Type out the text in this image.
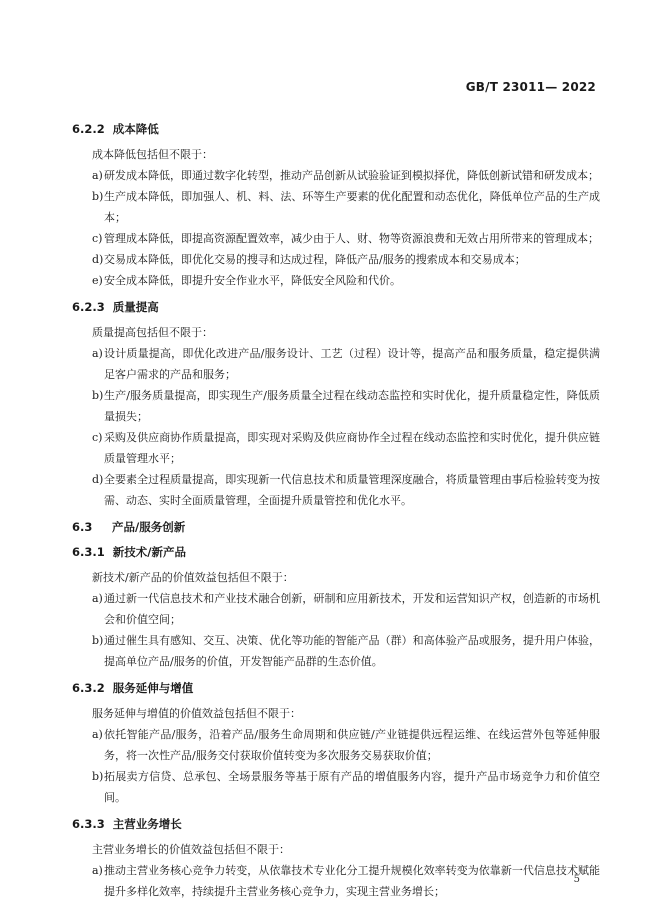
GB/T 23011— 2022

6.2.2 成本降低

成本降低包括但不限于：

a) 研发成本降低，即通过数字化转型，推动产品创新从试验验证到模拟择优，降低创新试错和研发成本；

b) 生产成本降低，即加强人、机、料、法、环等生产要素的优化配置和动态优化，降低单位产品的生产成本；

c) 管理成本降低，即提高资源配置效率，减少由于人、财、物等资源浪费和无效占用所带来的管理成本；

d) 交易成本降低，即优化交易的搜寻和达成过程，降低产品/服务的搜索成本和交易成本；

e) 安全成本降低，即提升安全作业水平，降低安全风险和代价。

6.2.3 质量提高

质量提高包括但不限于：

a) 设计质量提高，即优化改进产品/服务设计、工艺（过程）设计等，提高产品和服务质量，稳定提供满足客户需求的产品和服务；

b) 生产/服务质量提高，即实现生产/服务质量全过程在线动态监控和实时优化，提升质量稳定性，降低质量损失；

c) 采购及供应商协作质量提高，即实现对采购及供应商协作全过程在线动态监控和实时优化，提升供应链质量管理水平；

d) 全要素全过程质量提高，即实现新一代信息技术和质量管理深度融合，将质量管理由事后检验转变为按需、动态、实时全面质量管理，全面提升质量管控和优化水平。

6.3 产品/服务创新

6.3.1 新技术/新产品

新技术/新产品的价值效益包括但不限于：

a) 通过新一代信息技术和产业技术融合创新，研制和应用新技术，开发和运营知识产权，创造新的市场机会和价值空间；

b) 通过催生具有感知、交互、决策、优化等功能的智能产品（群）和高体验产品或服务，提升用户体验，提高单位产品/服务的价值，开发智能产品群的生态价值。

6.3.2 服务延伸与增值

服务延伸与增值的价值效益包括但不限于：

a) 依托智能产品/服务，沿着产品/服务生命周期和供应链/产业链提供远程运维、在线运营外包等延伸服务，将一次性产品/服务交付获取价值转变为多次服务交易获取价值；

b) 拓展卖方信贷、总承包、全场景服务等基于原有产品的增值服务内容，提升产品市场竞争力和价值空间。

6.3.3 主营业务增长

主营业务增长的价值效益包括但不限于：

a) 推动主营业务核心竞争力转变，从依靠技术专业化分工提升规模化效率转变为依靠新一代信息技术赋能提升多样化效率，持续提升主营业务核心竞争力，实现主营业务增长；

5
